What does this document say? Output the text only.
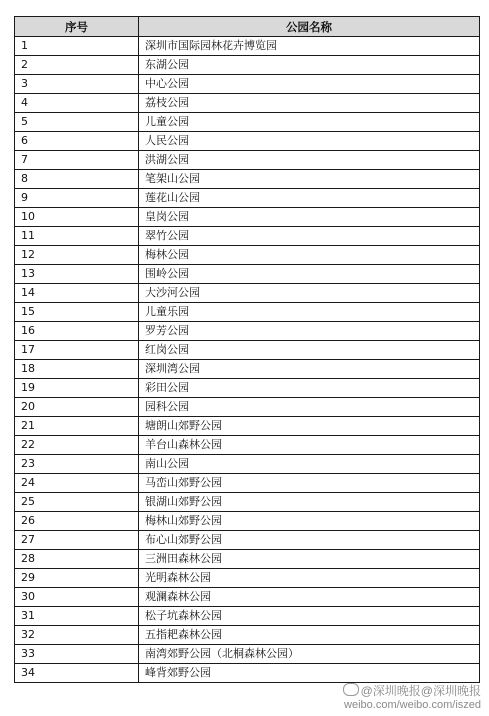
序号	公园名称
1	深圳市国际园林花卉博览园
2	东湖公园
3	中心公园
4	荔枝公园
5	儿童公园
6	人民公园
7	洪湖公园
8	笔架山公园
9	莲花山公园
10	皇岗公园
11	翠竹公园
12	梅林公园
13	围岭公园
14	大沙河公园
15	儿童乐园
16	罗芳公园
17	红岗公园
18	深圳湾公园
19	彩田公园
20	园科公园
21	塘朗山郊野公园
22	羊台山森林公园
23	南山公园
24	马峦山郊野公园
25	银湖山郊野公园
26	梅林山郊野公园
27	布心山郊野公园
28	三洲田森林公园
29	光明森林公园
30	观澜森林公园
31	松子坑森林公园
32	五指耙森林公园
33	南湾郊野公园（北桐森林公园）
34	峰背郊野公园
@深圳晚报@深圳晚报
weibo.com/weibo.com/iszed
